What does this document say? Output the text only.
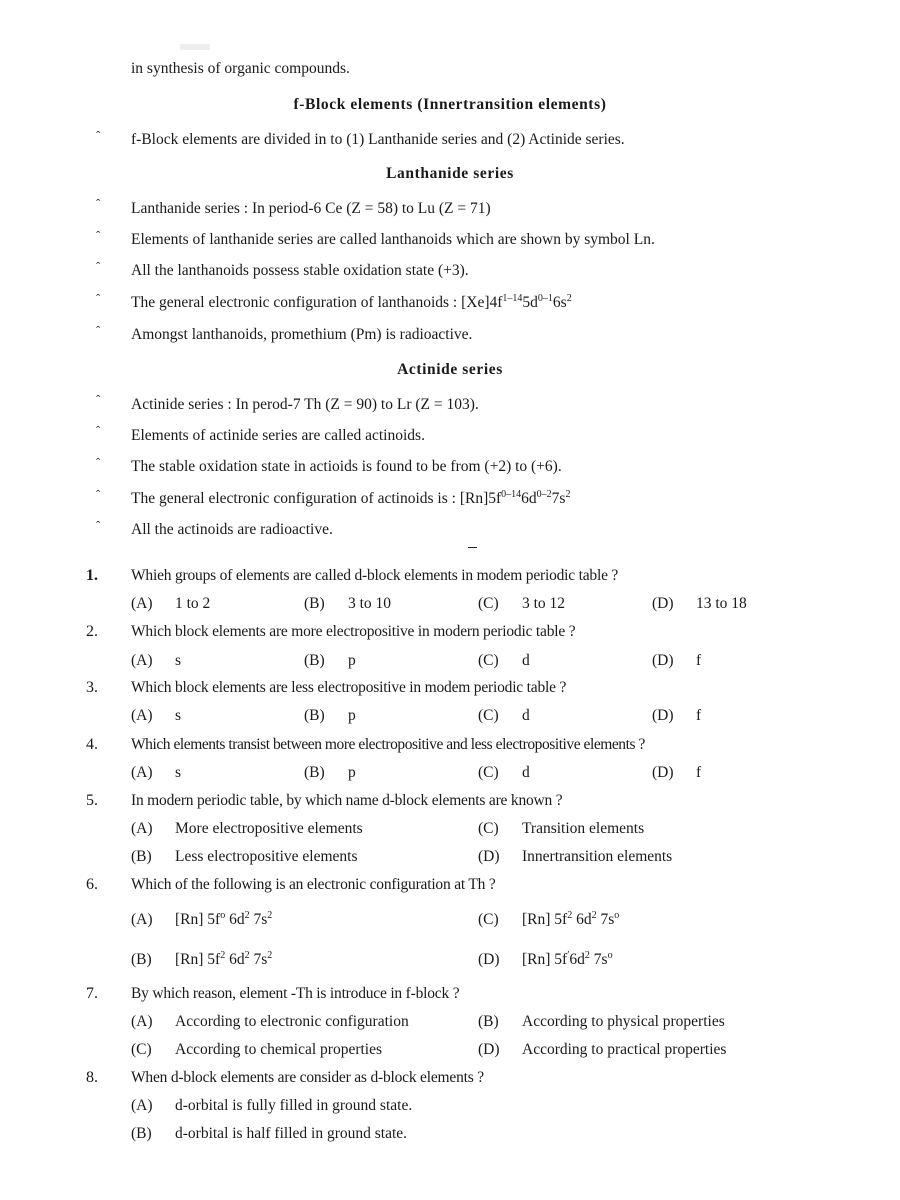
in synthesis of organic compounds.
f-Block elements (Innertransition elements)
ˆ f-Block elements are divided in to (1) Lanthanide series and (2) Actinide series.
Lanthanide series
ˆ Lanthanide series : In period-6 Ce (Z = 58) to Lu (Z = 71)
ˆ Elements of lanthanide series are called lanthanoids which are shown by symbol Ln.
ˆ All the lanthanoids possess stable oxidation state (+3).
ˆ The general electronic configuration of lanthanoids : $[Xe]4f^{1-14}5d^{0-1}6s^2$
ˆ Amongst lanthanoids, promethium (Pm) is radioactive.
Actinide series
ˆ Actinide series : In perod-7 Th (Z = 90) to Lr (Z = 103).
ˆ Elements of actinide series are called actinoids.
ˆ The stable oxidation state in actioids is found to be from (+2) to (+6).
ˆ The general electronic configuration of actinoids is : $[Rn]5f^{0-14}6d^{0-2}7s^2$
ˆ All the actinoids are radioactive.
1. Whieh groups of elements are called d-block elements in modem periodic table ?
(A) 1 to 2	(B) 3 to 10	(C) 3 to 12	(D) 13 to 18
2. Which block elements are more electropositive in modern periodic table ?
(A) s	(B) p	(C) d	(D) f
3. Which block elements are less electropositive in modem periodic table ?
(A) s	(B) p	(C) d	(D) f
4. Which elements transist between more electropositive and less electropositive elements ?
(A) s	(B) p	(C) d	(D) f
5. In modern periodic table, by which name d-block elements are known ?
(A) More electropositive elements	(C) Transition elements
(B) Less electropositive elements	(D) Innertransition elements
6. Which of the following is an electronic configuration at Th ?
(A) [Rn] $5f^o$ $6d^2$ $7s^2$	(C) [Rn] $5f^2$ $6d^2$ $7s^o$
(B) [Rn] $5f^2$ $6d^2$ $7s^2$	(D) [Rn] $5f'6d^2$ $7s^o$
7. By which reason, element -Th is introduce in f-block ?
(A) According to electronic configuration	(B) According to physical properties
(C) According to chemical properties	(D) According to practical properties
8. When d-block elements are consider as d-block elements ?
(A) d-orbital is fully filled in ground state.
(B) d-orbital is half filled in ground state.
